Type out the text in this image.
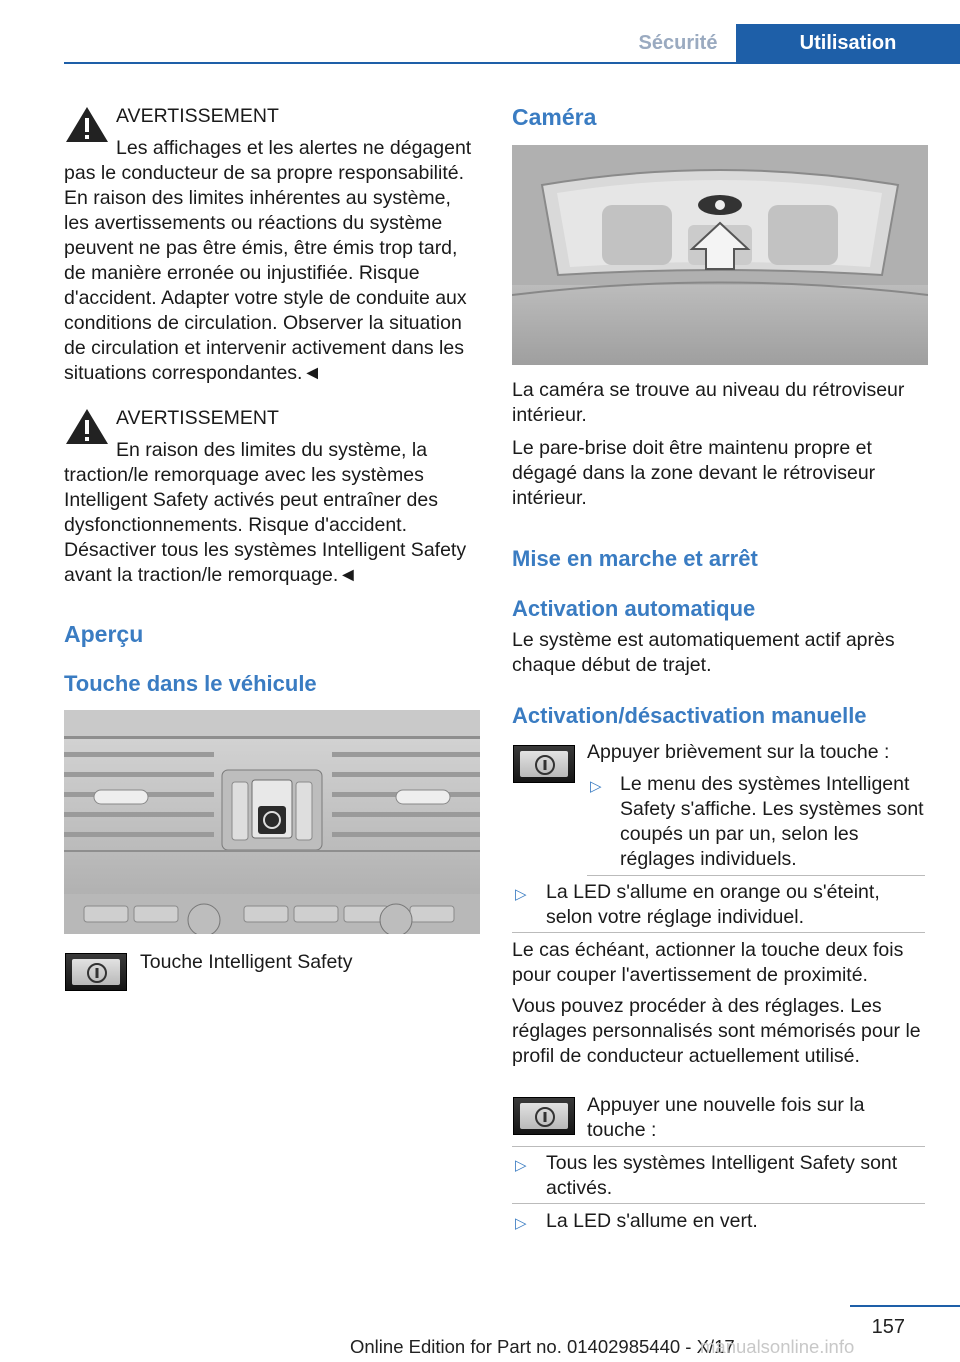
Sécurité	Utilisation
AVERTISSEMENT
Les affichages et les alertes ne dégagent pas le conducteur de sa propre responsabilité. En raison des limites inhérentes au système, les avertissements ou réactions du système peuvent ne pas être émis, être émis trop tard, de manière erronée ou injustifiée. Risque d'accident. Adapter votre style de conduite aux conditions de circulation. Observer la situation de circulation et intervenir activement dans les situations correspondantes.◄
AVERTISSEMENT
En raison des limites du système, la traction/le remorquage avec les systèmes Intelligent Safety activés peut entraîner des dysfonctionnements. Risque d'accident. Désactiver tous les systèmes Intelligent Safety avant la traction/le remorquage.◄
Aperçu
Touche dans le véhicule
Touche Intelligent Safety
Caméra
La caméra se trouve au niveau du rétroviseur intérieur.
Le pare-brise doit être maintenu propre et dégagé dans la zone devant le rétroviseur intérieur.
Mise en marche et arrêt
Activation automatique
Le système est automatiquement actif après chaque début de trajet.
Activation/désactivation manuelle
Appuyer brièvement sur la touche :
▷ Le menu des systèmes Intelligent Safety s'affiche. Les systèmes sont coupés un par un, selon les réglages individuels.
▷ La LED s'allume en orange ou s'éteint, selon votre réglage individuel.
Le cas échéant, actionner la touche deux fois pour couper l'avertissement de proximité.
Vous pouvez procéder à des réglages. Les réglages personnalisés sont mémorisés pour le profil de conducteur actuellement utilisé.
Appuyer une nouvelle fois sur la touche :
▷ Tous les systèmes Intelligent Safety sont activés.
▷ La LED s'allume en vert.
157
Online Edition for Part no. 01402985440 - X/17
manualsonline.info
